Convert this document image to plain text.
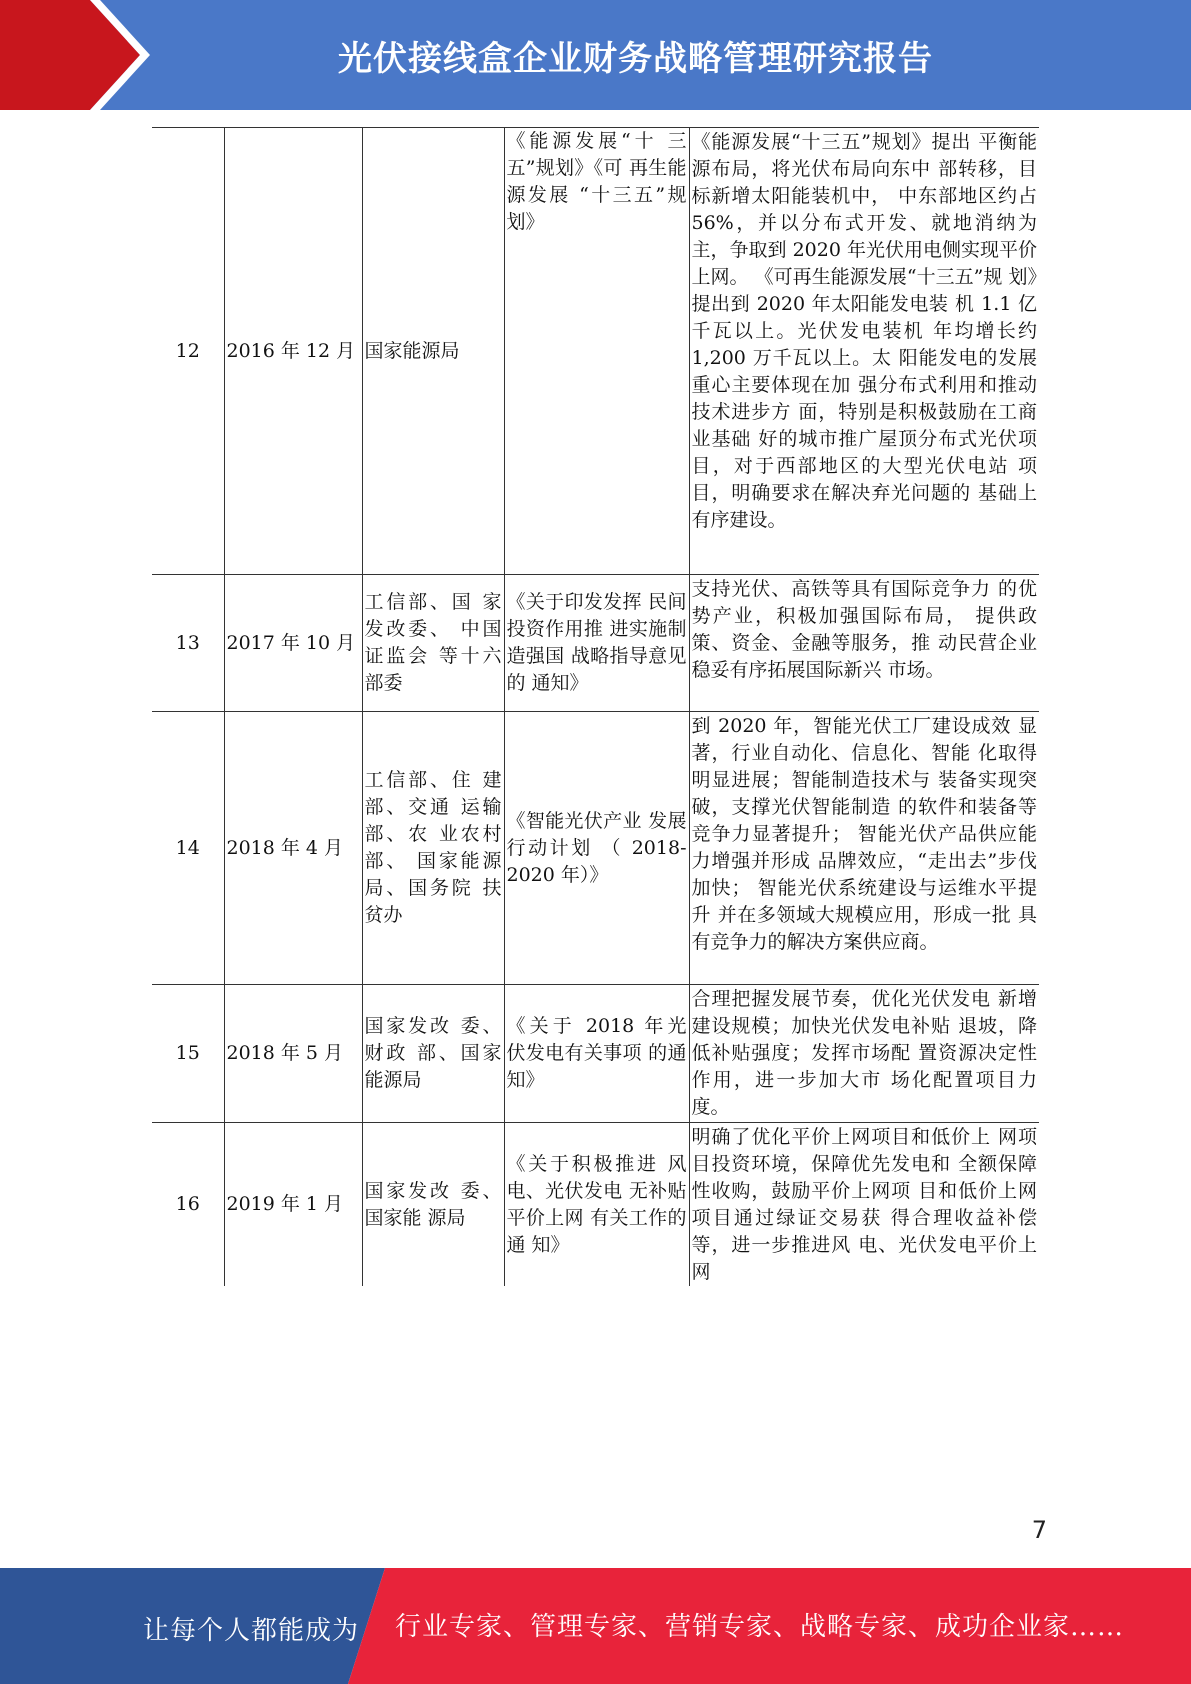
光伏接线盒企业财务战略管理研究报告
12	2016 年 12 月	国家能源局	《能源发展“十 三五”规划》《可 再生能源发展 “十三五”规划》	《能源发展“十三五”规划》提出 平衡能源布局，将光伏布局向东中 部转移，目标新增太阳能装机中， 中东部地区约占 56%，并以分布式开发、就地消纳为主，争取到 2020 年光伏用电侧实现平价上网。 《可再生能源发展“十三五”规 划》提出到 2020 年太阳能发电装 机 1.1 亿千瓦以上。光伏发电装机 年均增长约 1,200 万千瓦以上。太 阳能发电的发展重心主要体现在加 强分布式利用和推动技术进步方 面，特别是积极鼓励在工商业基础 好的城市推广屋顶分布式光伏项目，对于西部地区的大型光伏电站 项目，明确要求在解决弃光问题的 基础上有序建设。
13	2017 年 10 月	工信部、国 家发改委、 中国证监会 等十六部委	《关于印发发挥 民间投资作用推 进实施制造强国 战略指导意见的 通知》	支持光伏、高铁等具有国际竞争力 的优势产业，积极加强国际布局， 提供政策、资金、金融等服务，推 动民营企业稳妥有序拓展国际新兴 市场。
14	2018 年 4 月	工信部、住 建部、交通 运输部、农 业农村部、 国家能源局、国务院 扶贫办	《智能光伏产业 发展行动计划 （ 2018-2020 年）》	到 2020 年，智能光伏工厂建设成效 显著，行业自动化、信息化、智能 化取得明显进展；智能制造技术与 装备实现突破，支撑光伏智能制造 的软件和装备等竞争力显著提升； 智能光伏产品供应能力增强并形成 品牌效应，“走出去”步伐加快； 智能光伏系统建设与运维水平提升 并在多领域大规模应用，形成一批 具有竞争力的解决方案供应商。
15	2018 年 5 月	国家发改 委、财政 部、国家能源局	《关于 2018 年光 伏发电有关事项 的通知》	合理把握发展节奏，优化光伏发电 新增建设规模；加快光伏发电补贴 退坡，降低补贴强度；发挥市场配 置资源决定性作用，进一步加大市 场化配置项目力度。
16	2019 年 1 月	国家发改 委、国家能 源局	《关于积极推进 风电、光伏发电 无补贴平价上网 有关工作的通 知》	明确了优化平价上网项目和低价上 网项目投资环境，保障优先发电和 全额保障性收购，鼓励平价上网项 目和低价上网项目通过绿证交易获 得合理收益补偿等，进一步推进风 电、光伏发电平价上网
7
让每个人都能成为 行业专家、管理专家、营销专家、战略专家、成功企业家……
